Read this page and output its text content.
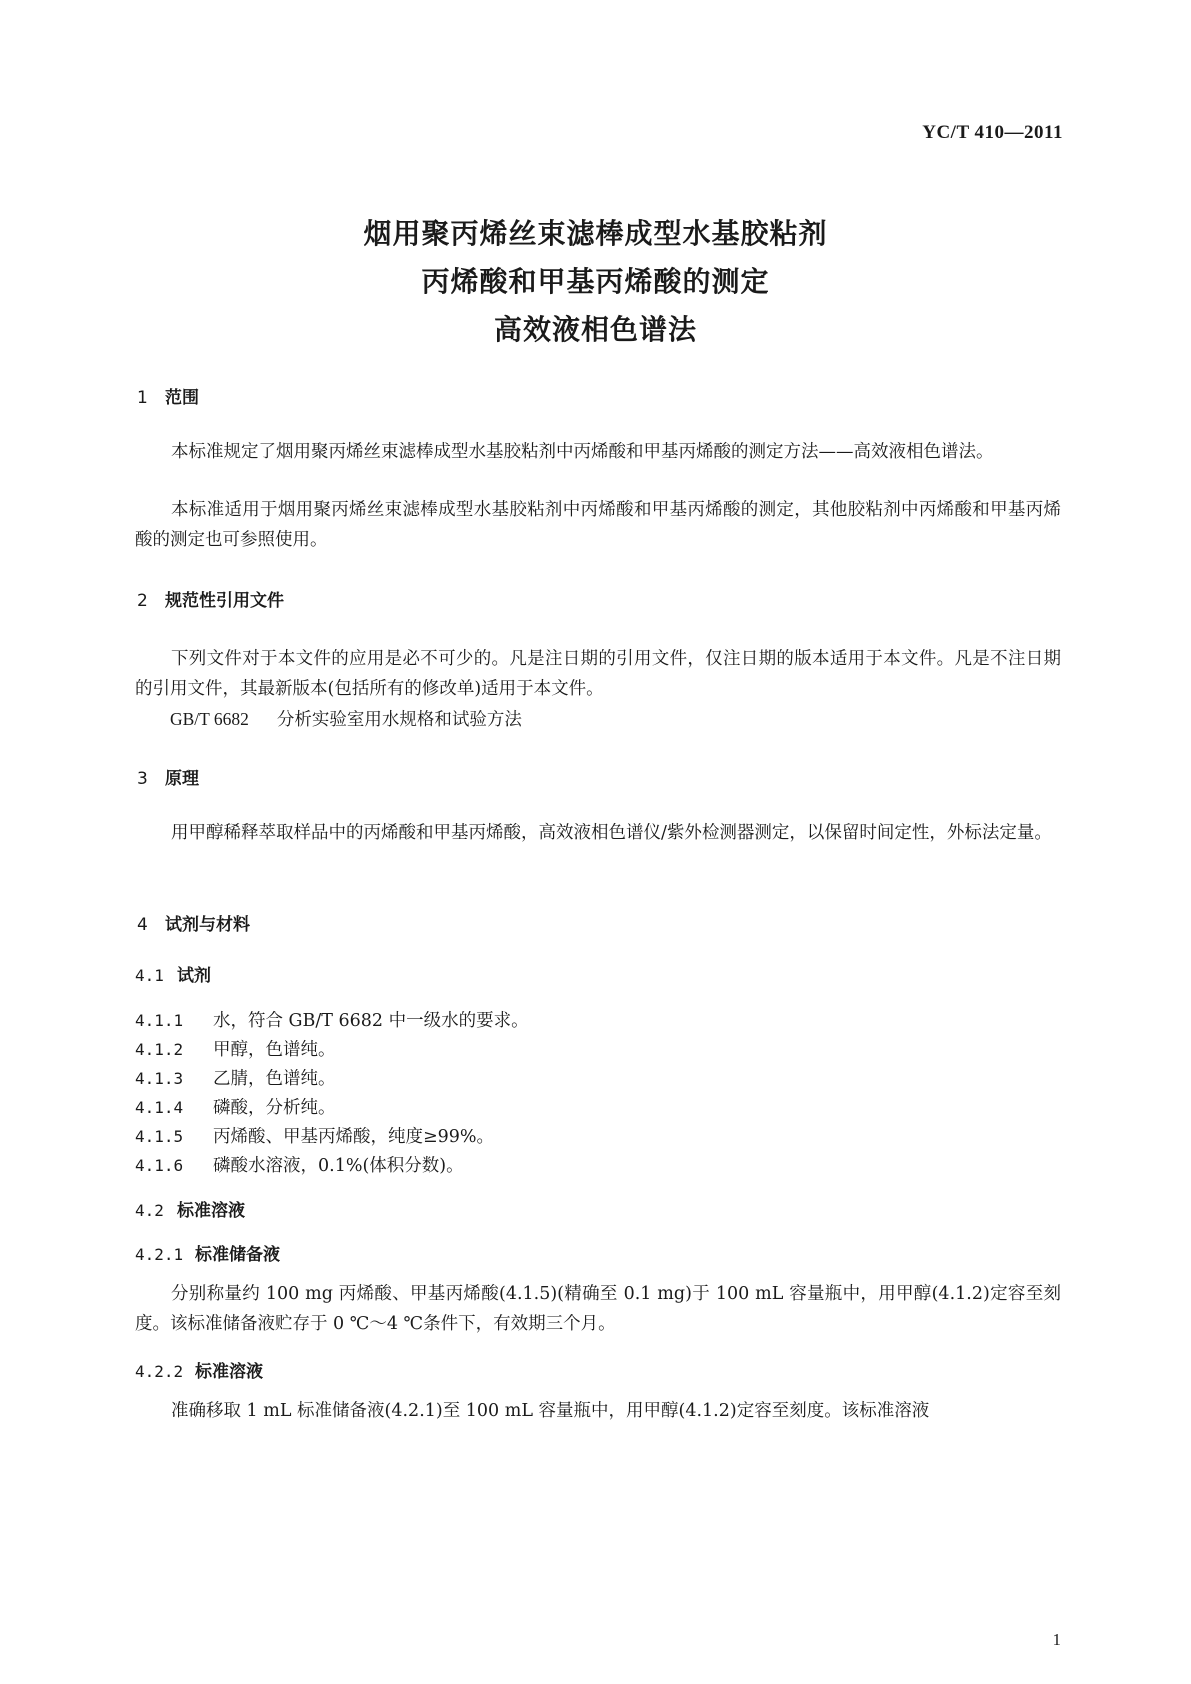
YC/T 410—2011
烟用聚丙烯丝束滤棒成型水基胶粘剂
丙烯酸和甲基丙烯酸的测定
高效液相色谱法
1 范围
本标准规定了烟用聚丙烯丝束滤棒成型水基胶粘剂中丙烯酸和甲基丙烯酸的测定方法——高效液相色谱法。
本标准适用于烟用聚丙烯丝束滤棒成型水基胶粘剂中丙烯酸和甲基丙烯酸的测定，其他胶粘剂中丙烯酸和甲基丙烯酸的测定也可参照使用。
2 规范性引用文件
下列文件对于本文件的应用是必不可少的。凡是注日期的引用文件，仅注日期的版本适用于本文件。凡是不注日期的引用文件，其最新版本(包括所有的修改单)适用于本文件。
GB/T 6682 分析实验室用水规格和试验方法
3 原理
用甲醇稀释萃取样品中的丙烯酸和甲基丙烯酸，高效液相色谱仪/紫外检测器测定，以保留时间定性，外标法定量。
4 试剂与材料
4.1 试剂
4.1.1 水，符合 GB/T 6682 中一级水的要求。
4.1.2 甲醇，色谱纯。
4.1.3 乙腈，色谱纯。
4.1.4 磷酸，分析纯。
4.1.5 丙烯酸、甲基丙烯酸，纯度≥99%。
4.1.6 磷酸水溶液，0.1%(体积分数)。
4.2 标准溶液
4.2.1 标准储备液
分别称量约 100 mg 丙烯酸、甲基丙烯酸(4.1.5)(精确至 0.1 mg)于 100 mL 容量瓶中，用甲醇(4.1.2)定容至刻度。该标准储备液贮存于 0 ℃～4 ℃条件下，有效期三个月。
4.2.2 标准溶液
准确移取 1 mL 标准储备液(4.2.1)至 100 mL 容量瓶中，用甲醇(4.1.2)定容至刻度。该标准溶液
1
